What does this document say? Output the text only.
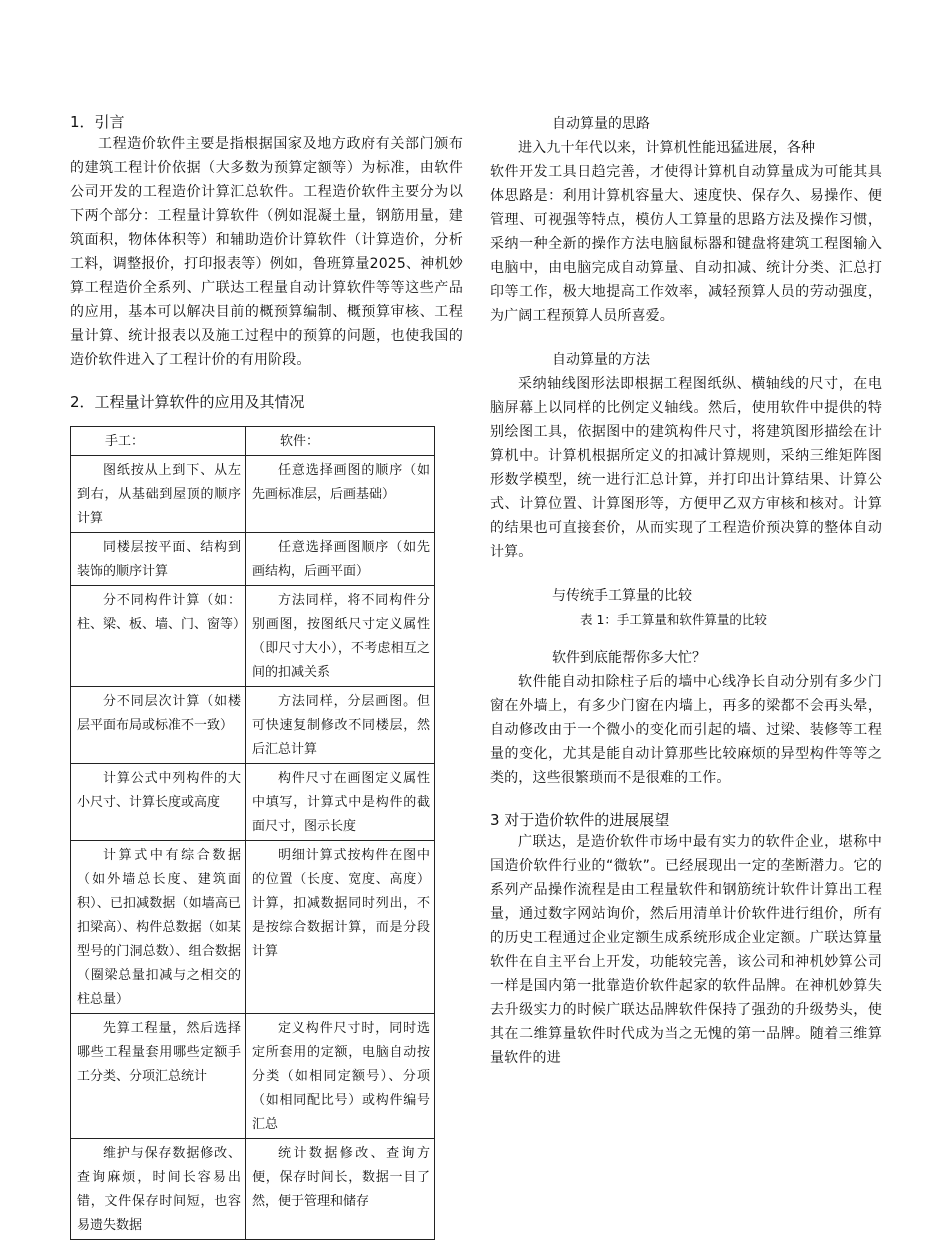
1．引言

工程造价软件主要是指根据国家及地方政府有关部门颁布的建筑工程计价依据（大多数为预算定额等）为标准，由软件公司开发的工程造价计算汇总软件。工程造价软件主要分为以下两个部分：工程量计算软件（例如混凝土量，钢筋用量，建筑面积，物体体积等）和辅助造价计算软件（计算造价，分析工料，调整报价，打印报表等）例如，鲁班算量2025、神机妙算工程造价全系列、广联达工程量自动计算软件等等这些产品的应用，基本可以解决目前的概预算编制、概预算审核、工程量计算、统计报表以及施工过程中的预算的问题，也使我国的造价软件进入了工程计价的有用阶段。

2．工程量计算软件的应用及其情况

手工：	软件：
图纸按从上到下、从左到右，从基础到屋顶的顺序计算	任意选择画图的顺序（如先画标准层，后画基础）
同楼层按平面、结构到装饰的顺序计算	任意选择画图顺序（如先画结构，后画平面）
分不同构件计算（如：柱、梁、板、墙、门、窗等）	方法同样，将不同构件分别画图，按图纸尺寸定义属性（即尺寸大小），不考虑相互之间的扣减关系
分不同层次计算（如楼层平面布局或标准不一致）	方法同样，分层画图。但可快速复制修改不同楼层，然后汇总计算
计算公式中列构件的大小尺寸、计算长度或高度	构件尺寸在画图定义属性中填写，计算式中是构件的截面尺寸，图示长度
计算式中有综合数据（如外墙总长度、建筑面积）、已扣减数据（如墙高已扣梁高）、构件总数据（如某型号的门洞总数）、组合数据（圈梁总量扣减与之相交的柱总量）	明细计算式按构件在图中的位置（长度、宽度、高度）计算，扣减数据同时列出，不是按综合数据计算，而是分段计算
先算工程量，然后选择哪些工程量套用哪些定额手工分类、分项汇总统计	定义构件尺寸时，同时选定所套用的定额，电脑自动按分类（如相同定额号）、分项（如相同配比号）或构件编号汇总
维护与保存数据修改、查询麻烦，时间长容易出错，文件保存时间短，也容易遗失数据	统计数据修改、查询方便，保存时间长，数据一目了然，便于管理和储存

自动算量的思路

进入九十年代以来，计算机性能迅猛进展，各种

软件开发工具日趋完善，才使得计算机自动算量成为可能其具体思路是：利用计算机容量大、速度快、保存久、易操作、便管理、可视强等特点，模仿人工算量的思路方法及操作习惯，采纳一种全新的操作方法电脑鼠标器和键盘将建筑工程图输入电脑中，由电脑完成自动算量、自动扣减、统计分类、汇总打印等工作，极大地提高工作效率，减轻预算人员的劳动强度，为广阔工程预算人员所喜爱。

自动算量的方法

采纳轴线图形法即根据工程图纸纵、横轴线的尺寸，在电脑屏幕上以同样的比例定义轴线。然后，使用软件中提供的特别绘图工具，依据图中的建筑构件尺寸，将建筑图形描绘在计算机中。计算机根据所定义的扣减计算规则，采纳三维矩阵图形数学模型，统一进行汇总计算，并打印出计算结果、计算公式、计算位置、计算图形等，方便甲乙双方审核和核对。计算的结果也可直接套价，从而实现了工程造价预决算的整体自动计算。

与传统手工算量的比较

表 1：手工算量和软件算量的比较

软件到底能帮你多大忙？

软件能自动扣除柱子后的墙中心线净长自动分别有多少门窗在外墙上，有多少门窗在内墙上，再多的梁都不会再头晕，自动修改由于一个微小的变化而引起的墙、过梁、装修等工程量的变化，尤其是能自动计算那些比较麻烦的异型构件等等之类的，这些很繁琐而不是很难的工作。

3 对于造价软件的进展展望

广联达，是造价软件市场中最有实力的软件企业，堪称中国造价软件行业的“微软”。已经展现出一定的垄断潜力。它的系列产品操作流程是由工程量软件和钢筋统计软件计算出工程量，通过数字网站询价，然后用清单计价软件进行组价，所有的历史工程通过企业定额生成系统形成企业定额。广联达算量软件在自主平台上开发，功能较完善，该公司和神机妙算公司一样是国内第一批靠造价软件起家的软件品牌。在神机妙算失去升级实力的时候广联达品牌软件保持了强劲的升级势头，使其在二维算量软件时代成为当之无愧的第一品牌。随着三维算量软件的进
